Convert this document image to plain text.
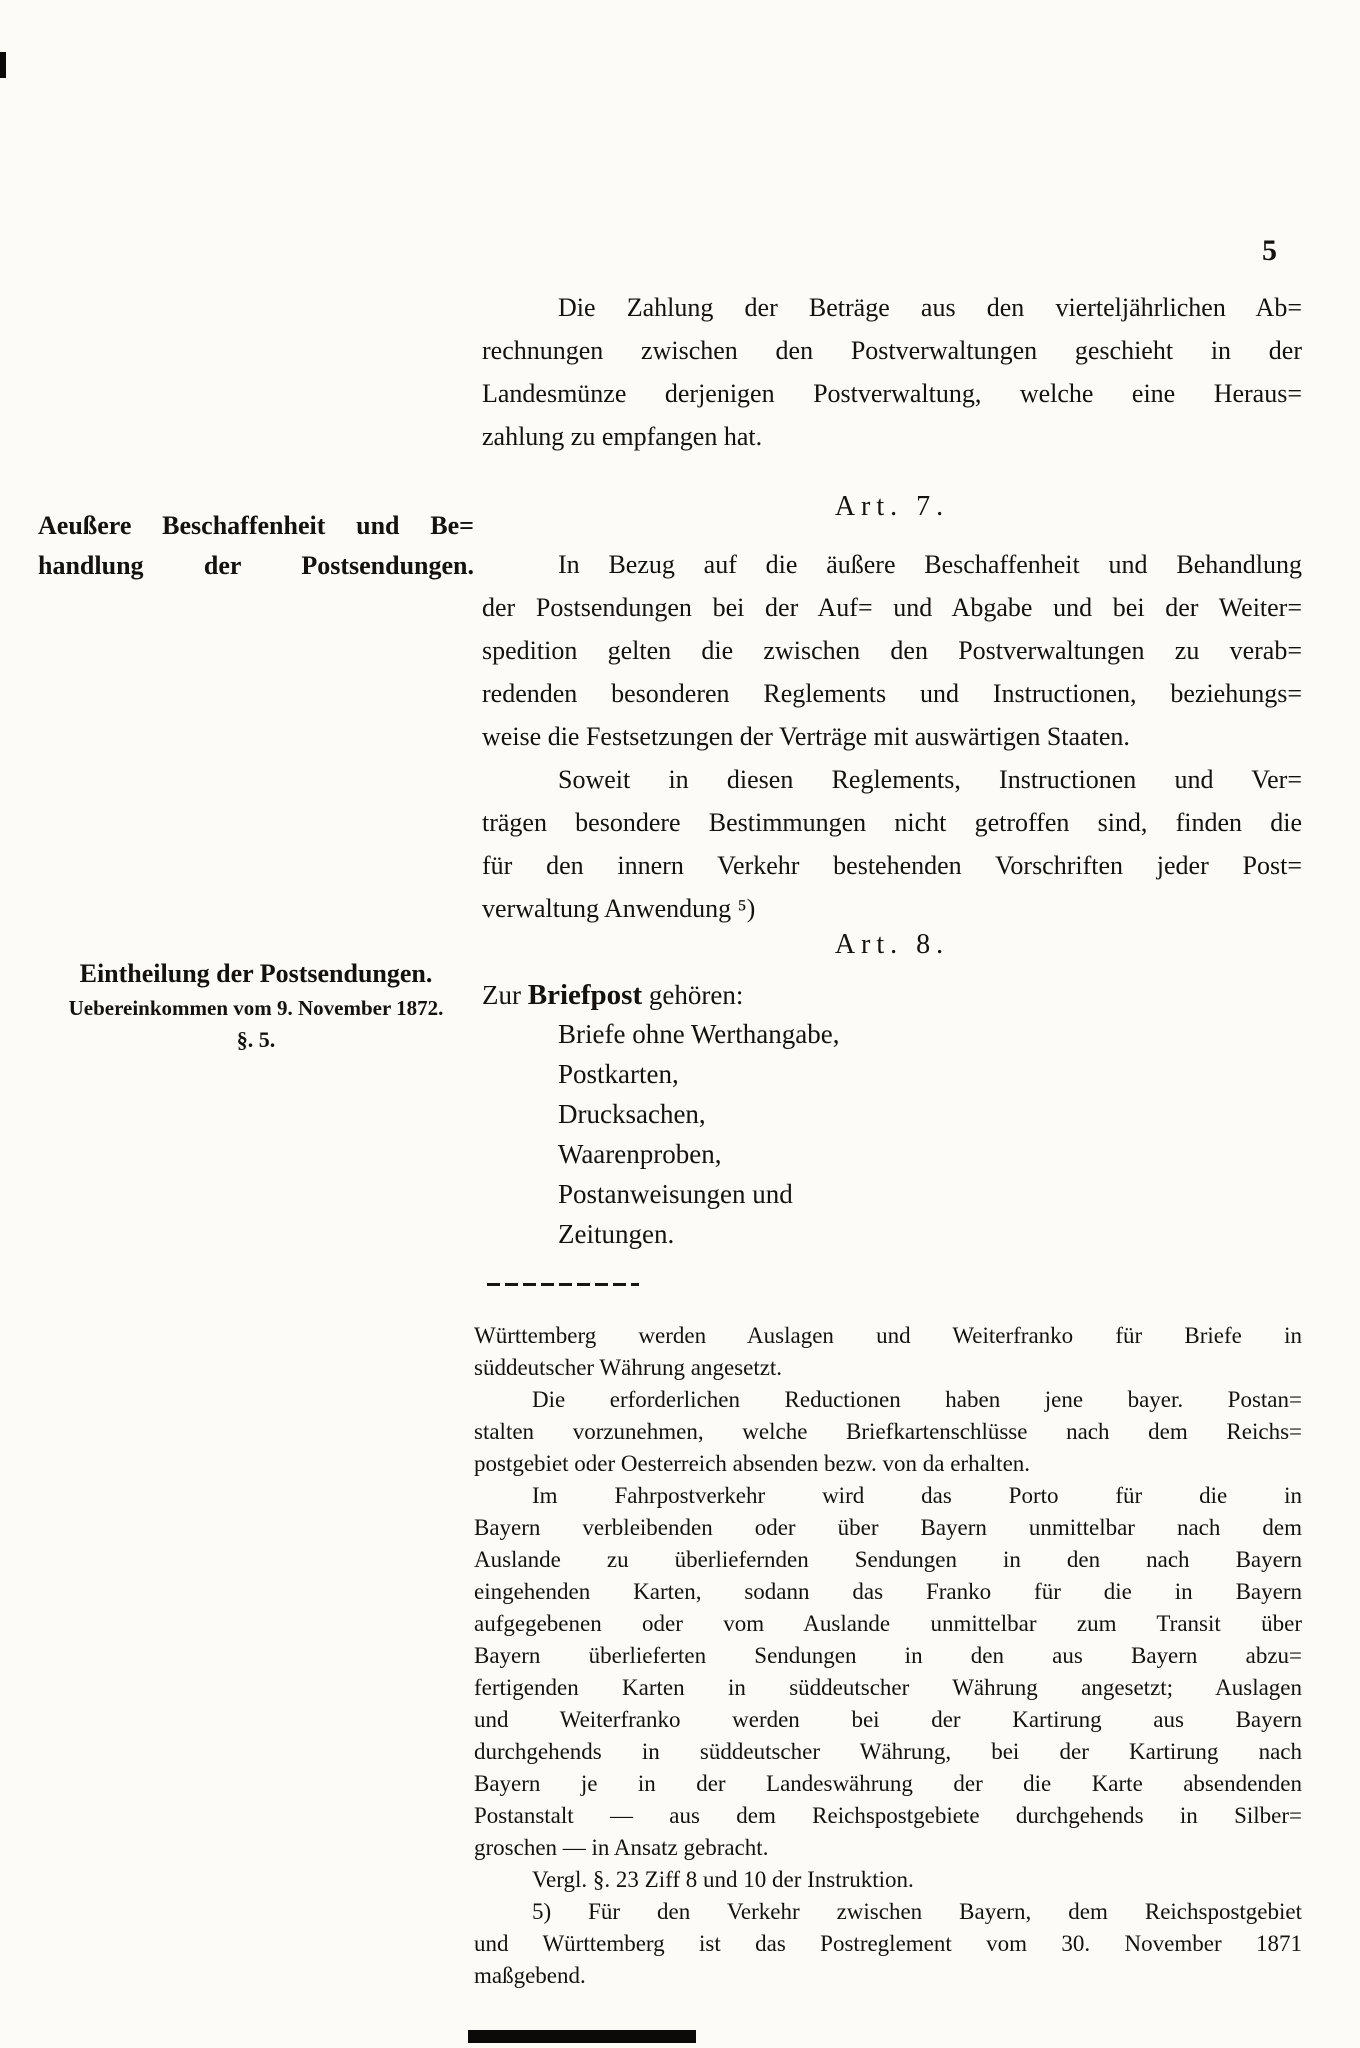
5
Die Zahlung der Beträge aus den vierteljährlichen Ab=
rechnungen zwischen den Postverwaltungen geschieht in der
Landesmünze derjenigen Postverwaltung, welche eine Heraus=
zahlung zu empfangen hat.
Art. 7.
Aeußere Beschaffenheit und Be=
handlung der Postsendungen.	In Bezug auf die äußere Beschaffenheit und Behandlung
der Postsendungen bei der Auf= und Abgabe und bei der Weiter=
spedition gelten die zwischen den Postverwaltungen zu verab=
redenden besonderen Reglements und Instructionen, beziehungs=
weise die Festsetzungen der Verträge mit auswärtigen Staaten.
Soweit in diesen Reglements, Instructionen und Ver=
trägen besondere Bestimmungen nicht getroffen sind, finden die
für den innern Verkehr bestehenden Vorschriften jeder Post=
verwaltung Anwendung ⁵)
Art. 8.
Eintheilung der Postsendungen.
Uebereinkommen vom 9. November 1872.
§. 5.
Zur Briefpost gehören:
Briefe ohne Werthangabe,
Postkarten,
Drucksachen,
Waarenproben,
Postanweisungen und
Zeitungen.
Württemberg werden Auslagen und Weiterfranko für Briefe in
süddeutscher Währung angesetzt.
Die erforderlichen Reductionen haben jene bayer. Postan=
stalten vorzunehmen, welche Briefkartenschlüsse nach dem Reichs=
postgebiet oder Oesterreich absenden bezw. von da erhalten.
Im Fahrpostverkehr wird das Porto für die in
Bayern verbleibenden oder über Bayern unmittelbar nach dem
Auslande zu überliefernden Sendungen in den nach Bayern
eingehenden Karten, sodann das Franko für die in Bayern
aufgegebenen oder vom Auslande unmittelbar zum Transit über
Bayern überlieferten Sendungen in den aus Bayern abzu=
fertigenden Karten in süddeutscher Währung angesetzt; Auslagen
und Weiterfranko werden bei der Kartirung aus Bayern
durchgehends in süddeutscher Währung, bei der Kartirung nach
Bayern je in der Landeswährung der die Karte absendenden
Postanstalt — aus dem Reichspostgebiete durchgehends in Silber=
groschen — in Ansatz gebracht.
Vergl. §. 23 Ziff 8 und 10 der Instruktion.
5) Für den Verkehr zwischen Bayern, dem Reichspostgebiet
und Württemberg ist das Postreglement vom 30. November 1871
maßgebend.
